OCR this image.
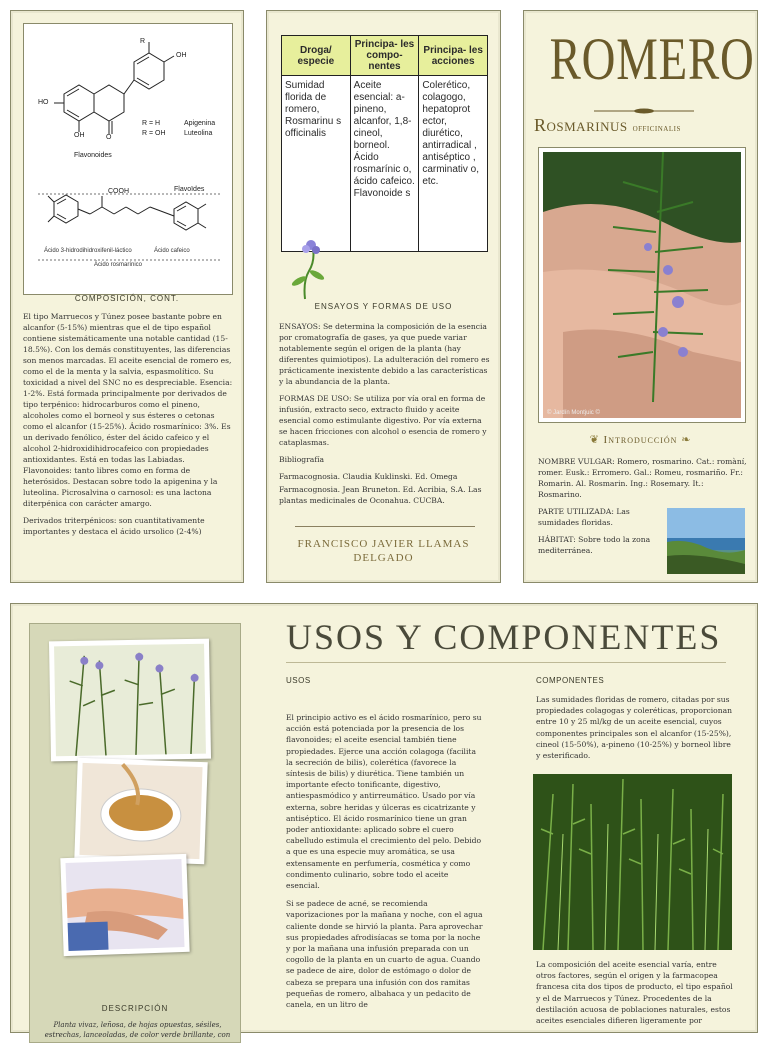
R
OH
HO
OH	O
R = H
R = OH
Apigenina
Luteolina
Flavonoides
Flavoïdes
COOH
Ácido 3-hidrodihidroxifenil-láctico	Ácido cafeico
Ácido rosmarínico
COMPOSICIÓN, CONT.

El tipo Marruecos y Túnez posee bastante pobre en alcanfor (5-15%) mientras que el de tipo español contiene sistemáticamente una notable cantidad (15-18.5%). Con los demás constituyentes, las diferencias son menos marcadas. El aceite esencial de romero es, como el de la menta y la salvia, espasmolítico. Su toxicidad a nivel del SNC no es despreciable. Esencia: 1-2%. Está formada principalmente por derivados de tipo terpénico: hidrocarburos como el pineno, alcoholes como el borneol y sus ésteres o cetonas como el alcanfor (15-25%). Ácido rosmarínico: 3%. Es un derivado fenólico, éster del ácido cafeico y el alcohol 2-hidroxidihidrocafeico con propiedades antioxidantes. Está en todas las Labiadas. Flavonoides: tanto libres como en forma de heterósidos. Destacan sobre todo la apigenina y la luteolina. Picrosalvina o carnosol: es una lactona diterpénica con carácter amargo.

Derivados triterpénicos: son cuantitativamente importantes y destaca el ácido ursolico (2-4%)

Droga/ especie	Principa- les compo- nentes	Principa- les acciones
Sumidad florida de romero, Rosmarinu s officinalis	Aceite esencial: a-pineno, alcanfor, 1,8-cineol, borneol. Ácido rosmarínic o, ácido cafeico. Flavonoide s	Colerético, colagogo, hepatoprot ector, diurético, antirradical , antiséptico , carminativ o, etc.
ENSAYOS Y FORMAS DE USO

ENSAYOS: Se determina la composición de la esencia por cromatografía de gases, ya que puede variar notablemente según el origen de la planta (hay diferentes quimiotipos). La adulteración del romero es prácticamente inexistente debido a las características y la abundancia de la planta.

FORMAS DE USO: Se utiliza por vía oral en forma de infusión, extracto seco, extracto fluido y aceite esencial como estimulante digestivo. Por vía externa se hacen fricciones con alcohol o esencia de romero y cataplasmas.

Bibliografía

Farmacognosia. Claudia Kuklinski. Ed. Omega

Farmacognosia. Jean Bruneton. Ed. Acribia, S.A. Las plantas medicinales de Oconahua. CUCBA.

FRANCISCO JAVIER LLAMAS
DELGADO
ROMERO
Rosmarinus officinalis
© Jardín Montjuic ©
❦ Introducción ❧

NOMBRE VULGAR: Romero, rosmarino. Cat.: romàní, romer. Eusk.: Erromero. Gal.: Romeu, rosmariño. Fr.: Romarin. Al. Rosmarin. Ing.: Rosemary. It.: Rosmarino.

PARTE UTILIZADA: Las sumidades floridas.

HÁBITAT: Sobre todo la zona mediterránea.

DESCRIPCIÓN
Planta vivaz, leñosa, de hojas opuestas, sésiles, estrechas, lanceoladas, de color verde brillante, con
USOS Y COMPONENTES
USOS

El principio activo es el ácido rosmarínico, pero su acción está potenciada por la presencia de los flavonoides; el aceite esencial también tiene propiedades. Ejerce una acción colagoga (facilita la secreción de bilis), colerética (favorece la síntesis de bilis) y diurética. Tiene también un importante efecto tonificante, digestivo, antiespasmódico y antirreumático. Usado por vía externa, sobre heridas y úlceras es cicatrizante y antiséptico. El ácido rosmarínico tiene un gran poder antioxidante: aplicado sobre el cuero cabelludo estimula el crecimiento del pelo. Debido a que es una especie muy aromática, se usa extensamente en perfumería, cosmética y como condimento culinario, sobre todo el aceite esencial.

Si se padece de acné, se recomienda vaporizaciones por la mañana y noche, con el agua caliente donde se hirvió la planta. Para aprovechar sus propiedades afrodisíacas se toma por la noche y por la mañana una infusión preparada con un cogollo de la planta en un cuarto de agua. Cuando se padece de aire, dolor de estómago o dolor de cabeza se prepara una infusión con dos ramitas pequeñas de romero, albahaca y un pedacito de canela, en un litro de

COMPONENTES
Las sumidades floridas de romero, citadas por sus propiedades colagogas y coleréticas, proporcionan entre 10 y 25 ml/kg de un aceite esencial, cuyos componentes principales son el alcanfor (15-25%), cineol (15-50%), a-pineno (10-25%) y borneol libre y esterificado.
La composición del aceite esencial varía, entre otros factores, según el origen y la farmacopea francesa cita dos tipos de producto, el tipo español y el de Marruecos y Túnez. Procedentes de la destilación acuosa de poblaciones naturales, estos aceites esenciales difieren ligeramente por
